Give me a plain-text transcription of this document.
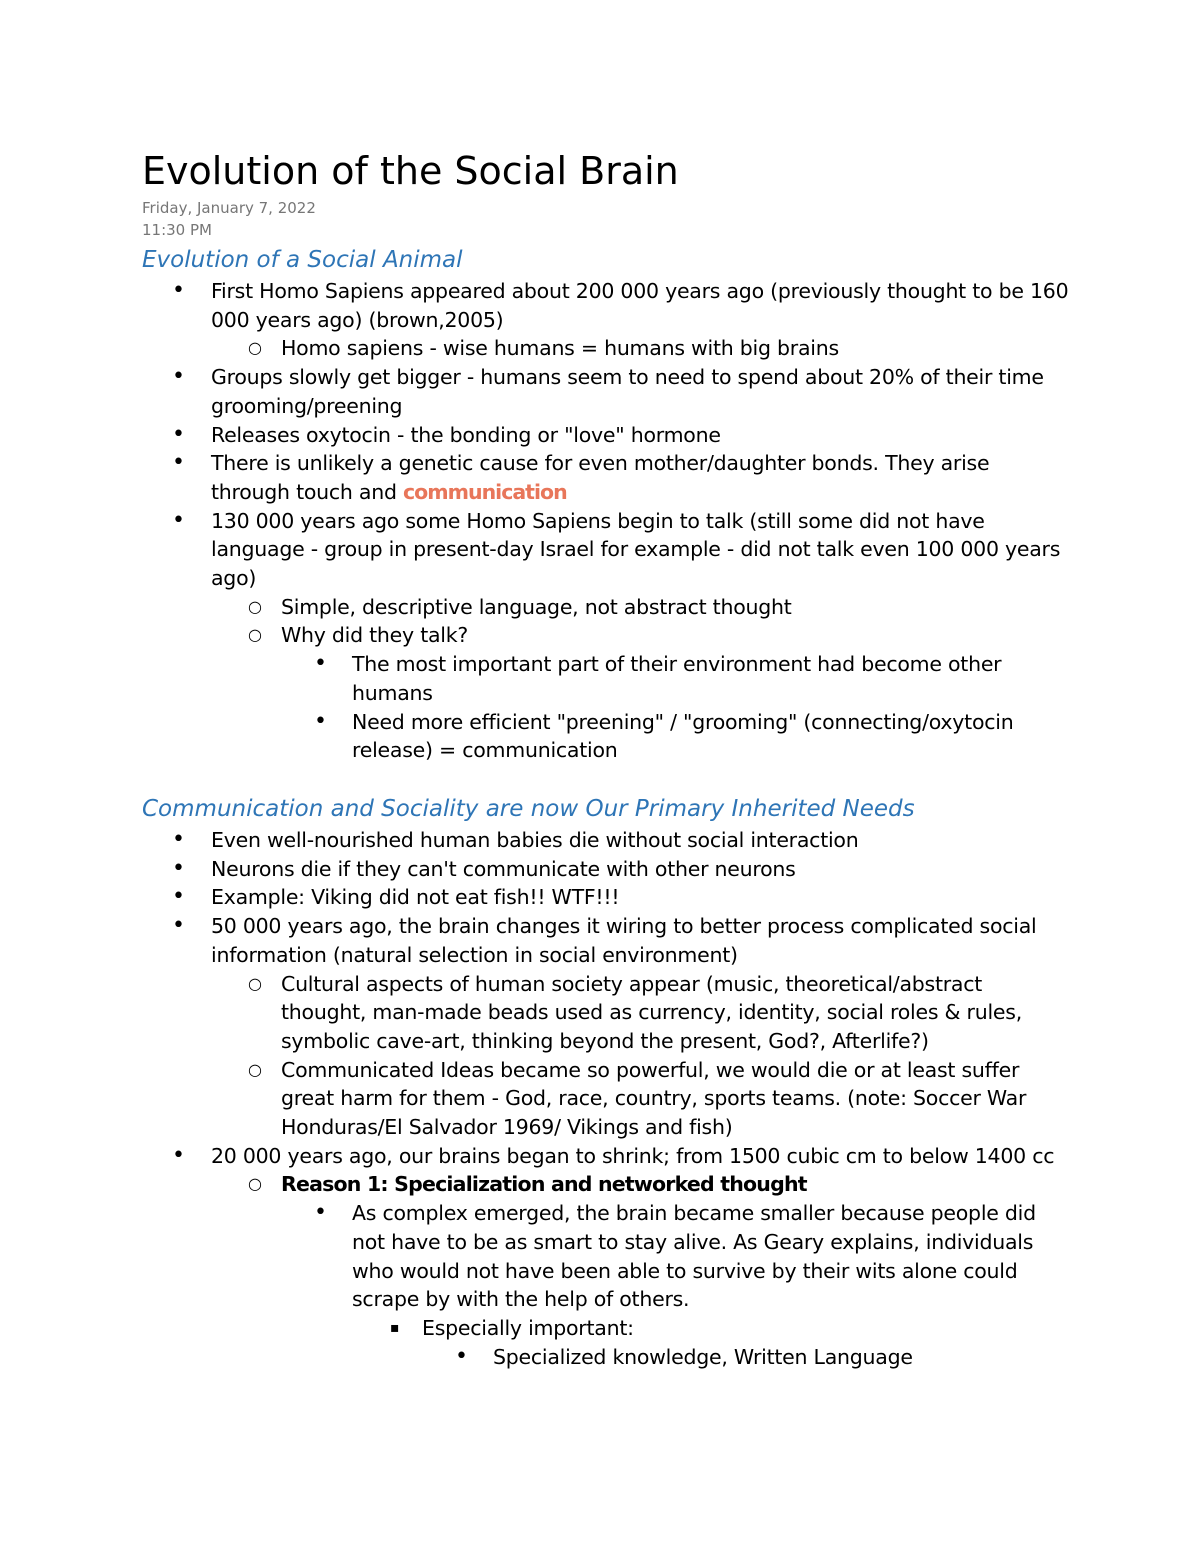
Evolution of the Social Brain
Friday, January 7, 2022
11:30 PM
Evolution of a Social Animal
• First Homo Sapiens appeared about 200 000 years ago (previously thought to be 160 000 years ago) (brown,2005)
○ Homo sapiens - wise humans = humans with big brains
• Groups slowly get bigger - humans seem to need to spend about 20% of their time grooming/preening
• Releases oxytocin - the bonding or "love" hormone
• There is unlikely a genetic cause for even mother/daughter bonds. They arise through touch and communication
• 130 000 years ago some Homo Sapiens begin to talk (still some did not have language - group in present-day Israel for example - did not talk even 100 000 years ago)
○ Simple, descriptive language, not abstract thought
○ Why did they talk?
• The most important part of their environment had become other humans
• Need more efficient "preening" / "grooming" (connecting/oxytocin release) = communication
Communication and Sociality are now Our Primary Inherited Needs
• Even well-nourished human babies die without social interaction
• Neurons die if they can't communicate with other neurons
• Example: Viking did not eat fish!! WTF!!!
• 50 000 years ago, the brain changes it wiring to better process complicated social information (natural selection in social environment)
○ Cultural aspects of human society appear (music, theoretical/abstract thought, man-made beads used as currency, identity, social roles & rules, symbolic cave-art, thinking beyond the present, God?, Afterlife?)
○ Communicated Ideas became so powerful, we would die or at least suffer great harm for them - God, race, country, sports teams. (note: Soccer War Honduras/El Salvador 1969/ Vikings and fish)
• 20 000 years ago, our brains began to shrink; from 1500 cubic cm to below 1400 cc
○ Reason 1: Specialization and networked thought
• As complex emerged, the brain became smaller because people did not have to be as smart to stay alive. As Geary explains, individuals who would not have been able to survive by their wits alone could scrape by with the help of others.
▪ Especially important:
• Specialized knowledge, Written Language
